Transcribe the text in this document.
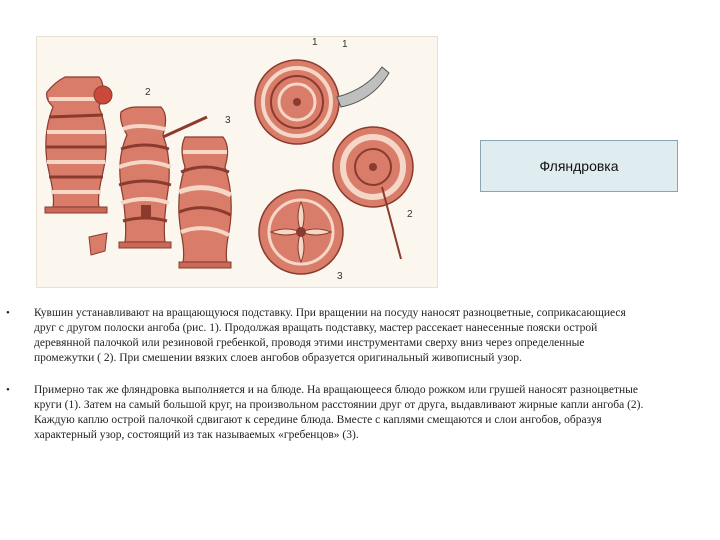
1
2
3
1
2
3
Фляндровка
• Кувшин устанавливают на вращающуюся подставку. При вращении на посуду наносят разноцветные, соприкасающиеся друг с другом полоски ангоба (рис. 1). Продолжая вращать подставку, мастер рассекает нанесенные пояски острой деревянной палочкой или резиновой гребенкой, проводя этими инструментами сверху вниз через определенные промежутки ( 2). При смешении вязких слоев ангобов образуется оригинальный живописный узор.
• Примерно так же фляндровка выполняется и на блюде. На вращающееся блюдо рожком или грушей наносят разноцветные круги (1). Затем на самый большой круг, на произвольном расстоянии друг от друга, выдавливают жирные капли ангоба (2). Каждую каплю острой палочкой сдвигают к середине блюда. Вместе с каплями смещаются и слои ангобов, образуя характерный узор, состоящий из так называемых «гребенцов» (3).
